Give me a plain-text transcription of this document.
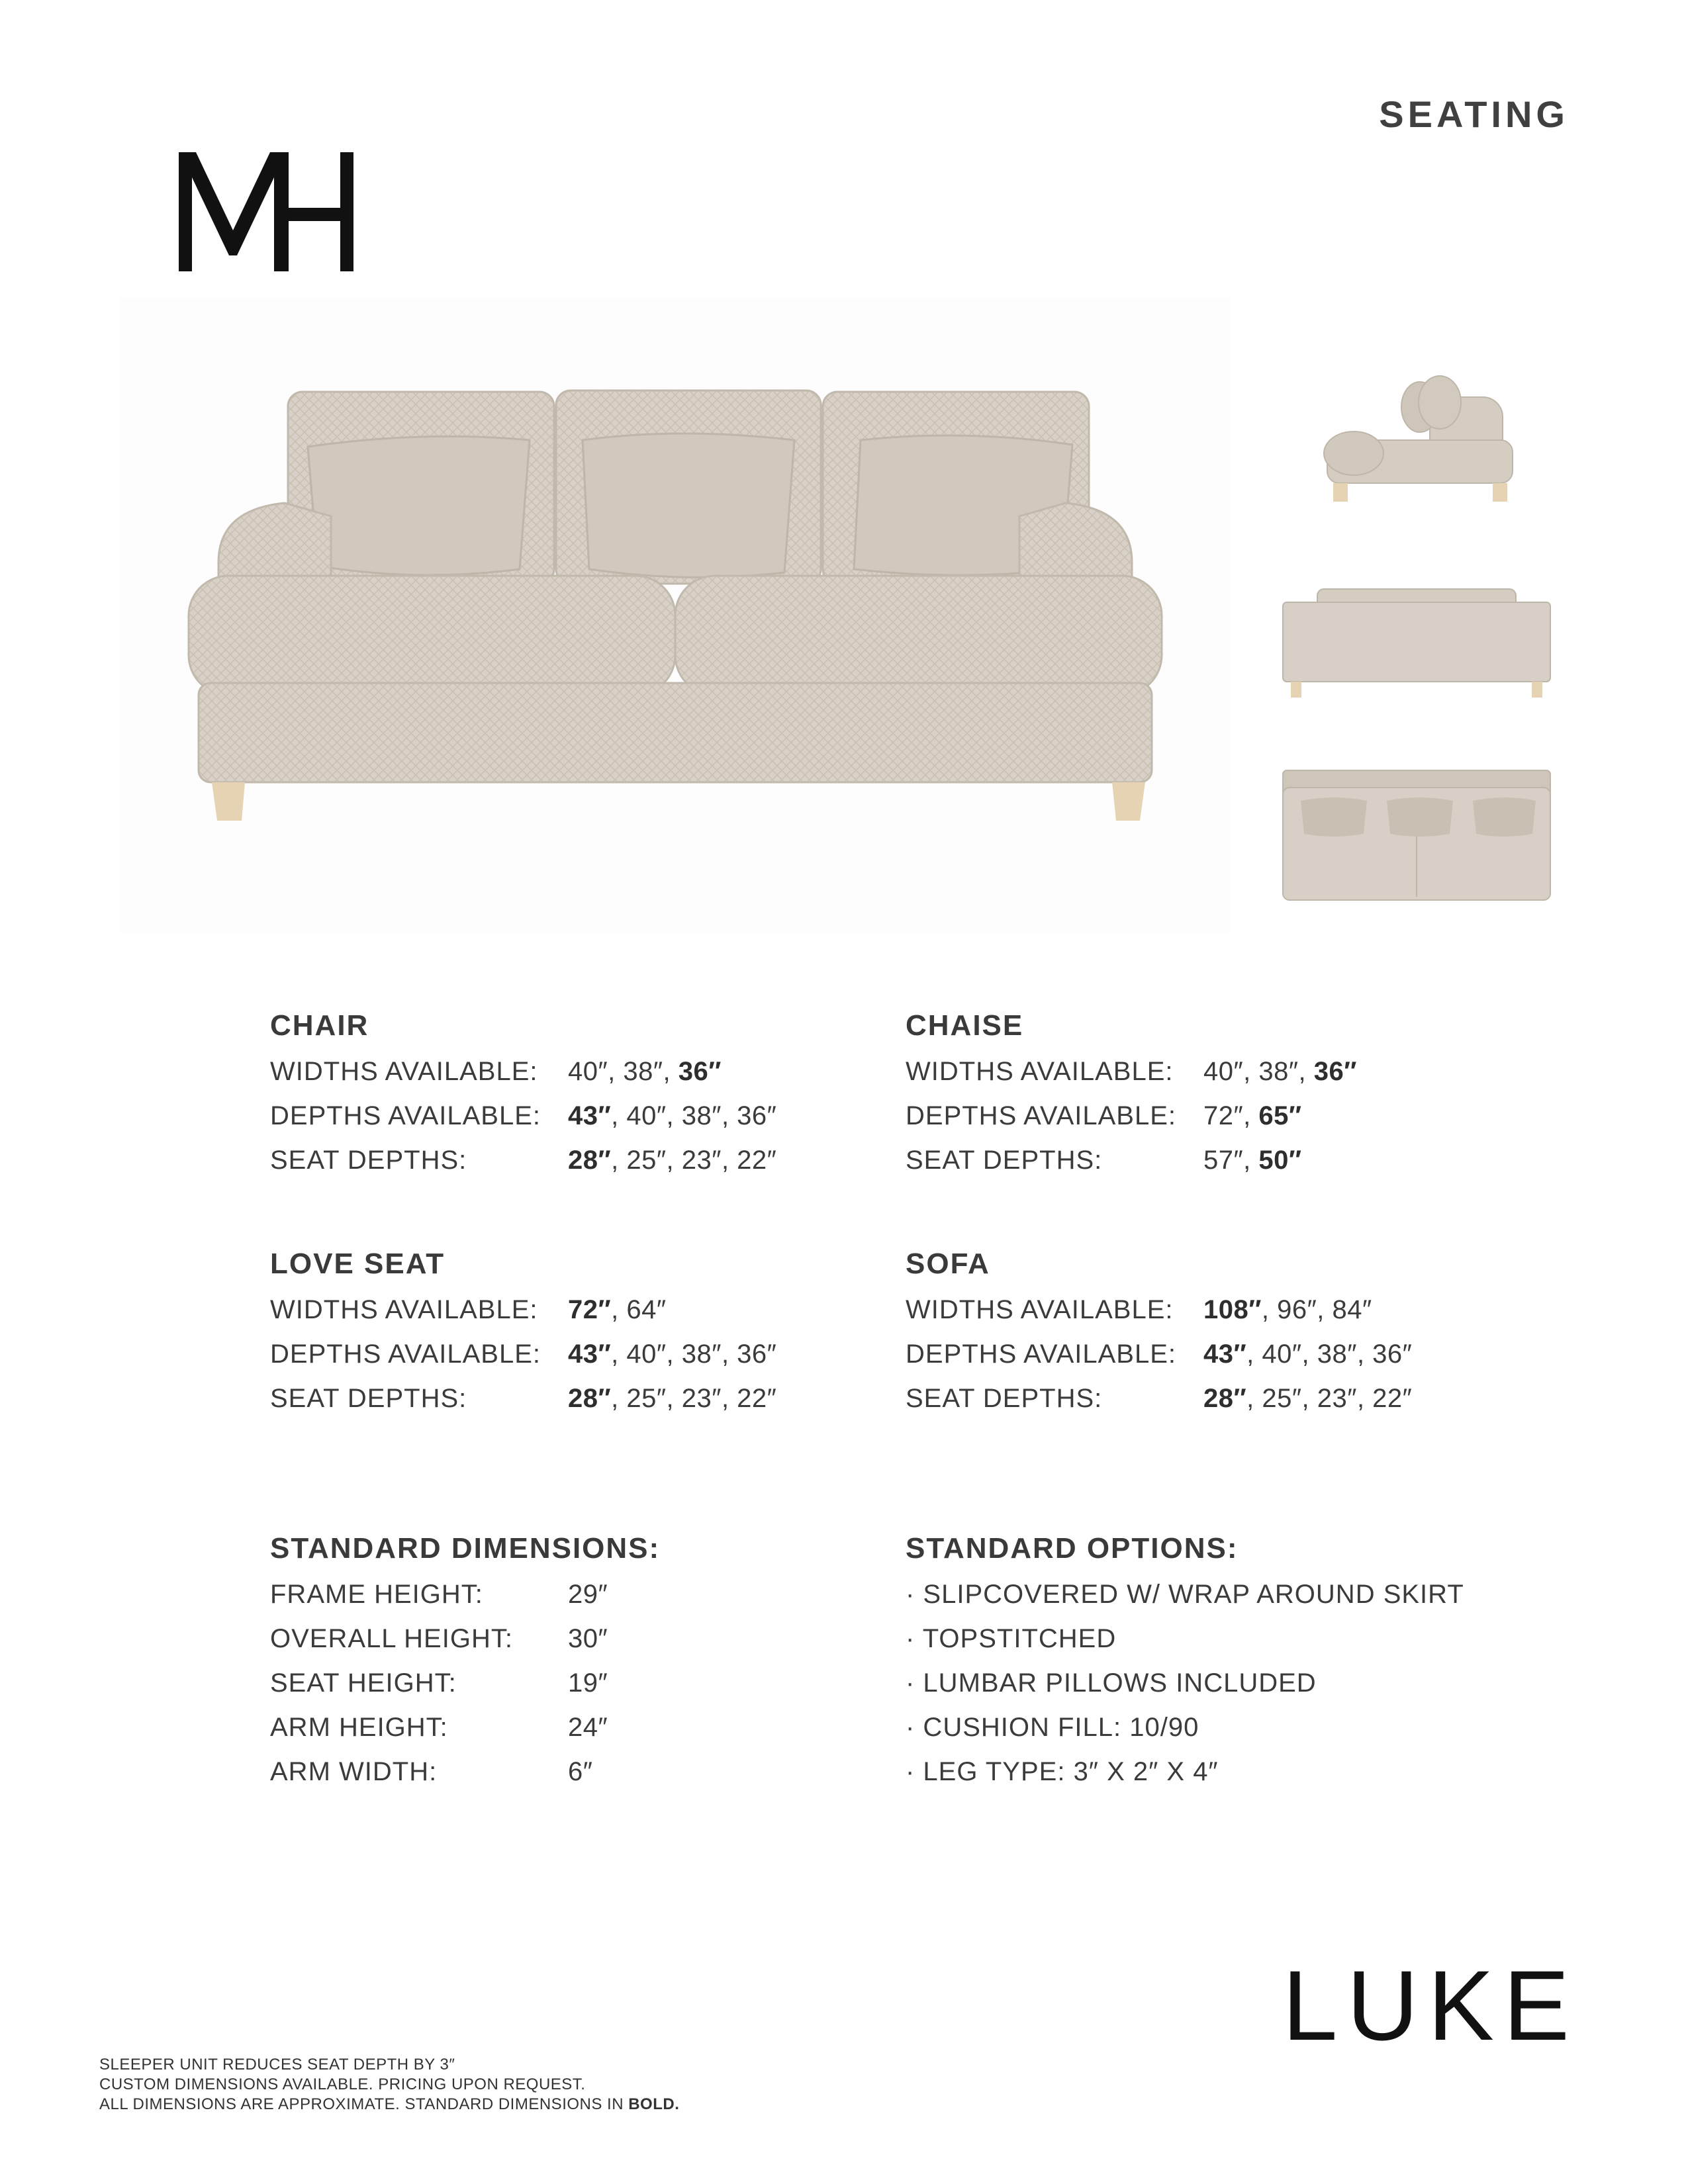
SEATING
CHAIR
WIDTHS AVAILABLE:	40″, 38″, 36″
DEPTHS AVAILABLE:	43″, 40″, 38″, 36″
SEAT DEPTHS:	28″, 25″, 23″, 22″
CHAISE
WIDTHS AVAILABLE:	40″, 38″, 36″
DEPTHS AVAILABLE:	72″, 65″
SEAT DEPTHS:	57″, 50″
LOVE SEAT
WIDTHS AVAILABLE:	72″, 64″
DEPTHS AVAILABLE:	43″, 40″, 38″, 36″
SEAT DEPTHS:	28″, 25″, 23″, 22″
SOFA
WIDTHS AVAILABLE:	108″, 96″, 84″
DEPTHS AVAILABLE:	43″, 40″, 38″, 36″
SEAT DEPTHS:	28″, 25″, 23″, 22″
STANDARD DIMENSIONS:
FRAME HEIGHT:	29″
OVERALL HEIGHT:	30″
SEAT HEIGHT:	19″
ARM HEIGHT:	24″
ARM WIDTH:	6″
STANDARD OPTIONS:
· SLIPCOVERED W/ WRAP AROUND SKIRT
· TOPSTITCHED
· LUMBAR PILLOWS INCLUDED
· CUSHION FILL: 10/90
· LEG TYPE: 3″ X 2″ X 4″
SLEEPER UNIT REDUCES SEAT DEPTH BY 3″
CUSTOM DIMENSIONS AVAILABLE. PRICING UPON REQUEST.
ALL DIMENSIONS ARE APPROXIMATE. STANDARD DIMENSIONS IN BOLD.
LUKE
